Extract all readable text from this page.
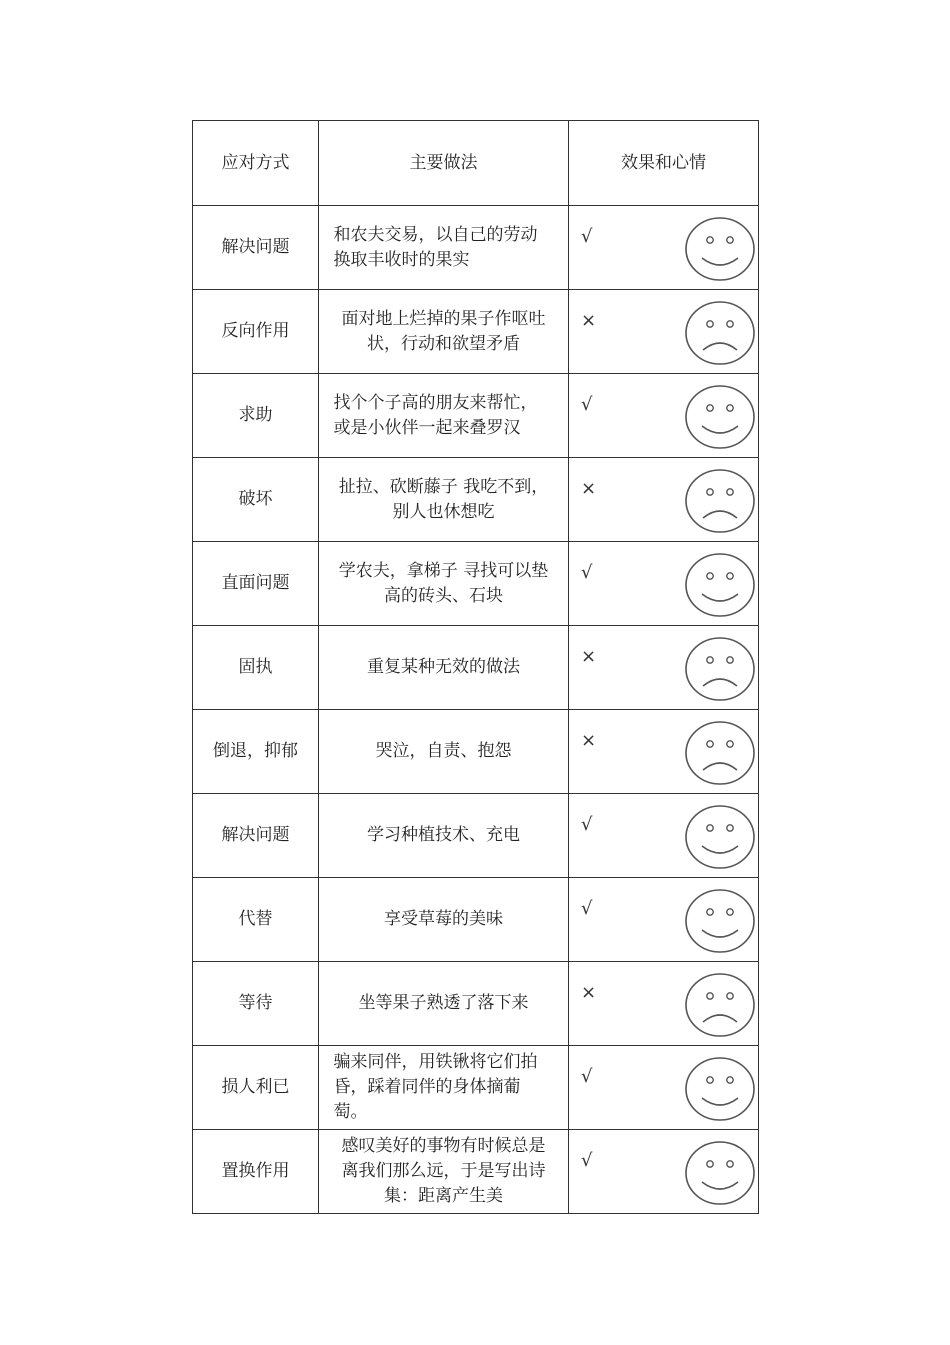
应对方式	主要做法	效果和心情
解决问题	和农夫交易，以自己的劳动换取丰收时的果实	√

反向作用	面对地上烂掉的果子作呕吐状，行动和欲望矛盾	×

求助	找个个子高的朋友来帮忙，或是小伙伴一起来叠罗汉	√

破坏	扯拉、砍断藤子 我吃不到，别人也休想吃	×

直面问题	学农夫，拿梯子 寻找可以垫高的砖头、石块	√

固执	重复某种无效的做法	×

倒退，抑郁	哭泣，自责、抱怨	×

解决问题	学习种植技术、充电	√

代替	享受草莓的美味	√

等待	坐等果子熟透了落下来	×

损人利已	骗来同伴，用铁锹将它们拍昏，踩着同伴的身体摘葡萄。	√

置换作用	感叹美好的事物有时候总是离我们那么远，于是写出诗集：距离产生美	√
